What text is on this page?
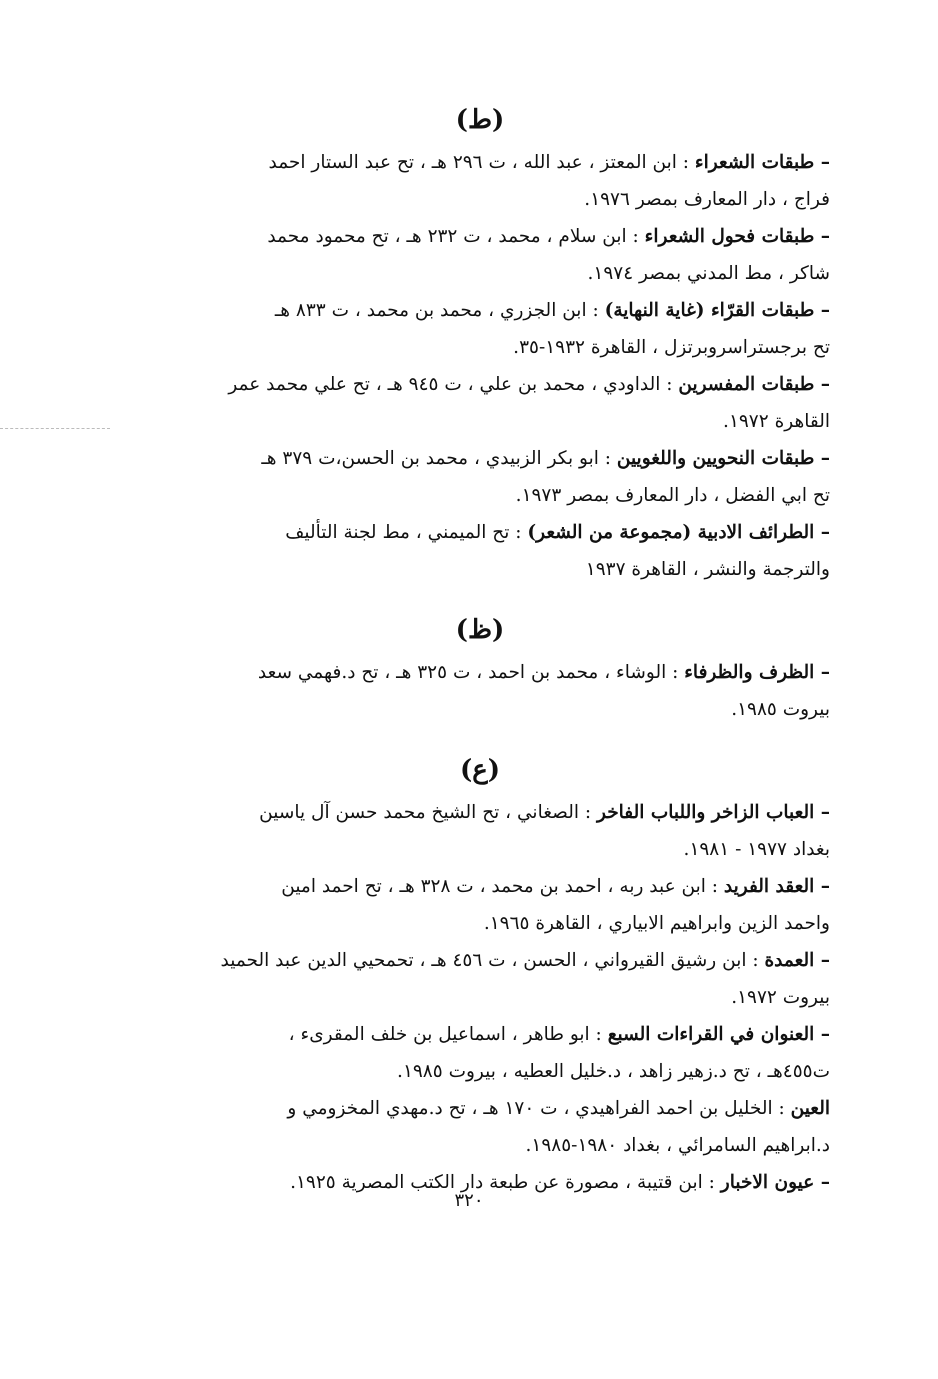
(ط)

– طبقات الشعراء : ابن المعتز ، عبد الله ، ت ٢٩٦ هـ ، تح عبد الستار احمد

فراج ، دار المعارف بمصر ١٩٧٦.

– طبقات فحول الشعراء : ابن سلام ، محمد ، ت ٢٣٢ هـ ، تح محمود محمد

شاكر ، مط المدني بمصر ١٩٧٤.

– طبقات القرّاء (غاية النهاية) : ابن الجزري ، محمد بن محمد ، ت ٨٣٣ هـ

تح برجستراسروبرتزل ، القاهرة ١٩٣٢-٣٥.

– طبقات المفسرين : الداودي ، محمد بن علي ، ت ٩٤٥ هـ ، تح علي محمد عمر

القاهرة ١٩٧٢.

– طبقات النحويين واللغويين : ابو بكر الزبيدي ، محمد بن الحسن،ت ٣٧٩ هـ

تح ابي الفضل ، دار المعارف بمصر ١٩٧٣.

– الطرائف الادبية (مجموعة من الشعر) : تح الميمني ، مط لجنة التأليف

والترجمة والنشر ، القاهرة ١٩٣٧

(ظ)

– الظرف والظرفاء : الوشاء ، محمد بن احمد ، ت ٣٢٥ هـ ، تح د.فهمي سعد

بيروت ١٩٨٥.

(ع)

– العباب الزاخر واللباب الفاخر : الصغاني ، تح الشيخ محمد حسن آل ياسين

بغداد ١٩٧٧ - ١٩٨١.

– العقد الفريد : ابن عبد ربه ، احمد بن محمد ، ت ٣٢٨ هـ ، تح احمد امين

واحمد الزين وابراهيم الابياري ، القاهرة ١٩٦٥.

– العمدة : ابن رشيق القيرواني ، الحسن ، ت ٤٥٦ هـ ، تحمحيي الدين عبد الحميد

بيروت ١٩٧٢.

– العنوان في القراءات السبع : ابو طاهر ، اسماعيل بن خلف المقرىء ،

ت٤٥٥هـ ، تح د.زهير زاهد ، د.خليل العطيه ، بيروت ١٩٨٥.

العين : الخليل بن احمد الفراهيدي ، ت ١٧٠ هـ ، تح د.مهدي المخزومي و

د.ابراهيم السامرائي ، بغداد ١٩٨٠-١٩٨٥.

– عيون الاخبار : ابن قتيبة ، مصورة عن طبعة دار الكتب المصرية ١٩٢٥.

٣٢٠
